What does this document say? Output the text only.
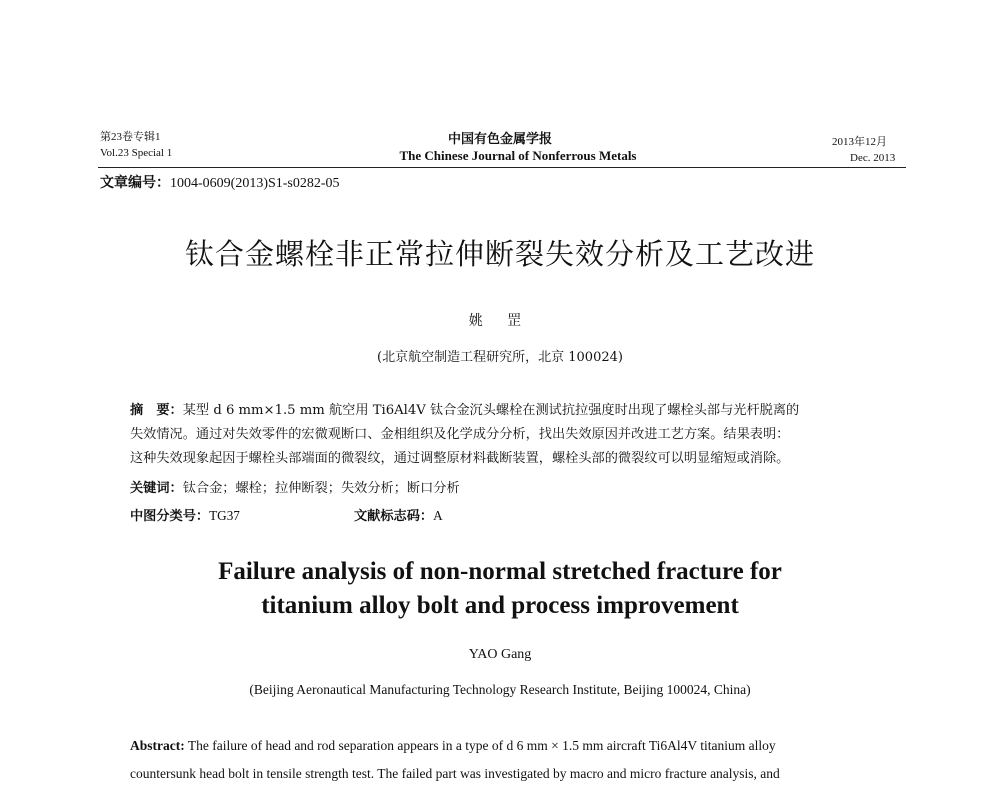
第23卷专辑1
Vol.23 Special 1
中国有色金属学报
The Chinese Journal of Nonferrous Metals
2013年12月
Dec. 2013
文章编号：1004-0609(2013)S1-s0282-05
钛合金螺栓非正常拉伸断裂失效分析及工艺改进
姚 罡
(北京航空制造工程研究所，北京 100024)
摘　要：某型 d 6 mm×1.5 mm 航空用 Ti6Al4V 钛合金沉头螺栓在测试抗拉强度时出现了螺栓头部与光杆脱离的
失效情况。通过对失效零件的宏微观断口、金相组织及化学成分分析，找出失效原因并改进工艺方案。结果表明：
这种失效现象起因于螺栓头部端面的微裂纹，通过调整原材料截断装置，螺栓头部的微裂纹可以明显缩短或消除。
关键词：钛合金；螺栓；拉伸断裂；失效分析；断口分析
中图分类号：TG37	文献标志码：A
Failure analysis of non-normal stretched fracture for
titanium alloy bolt and process improvement
YAO Gang
(Beijing Aeronautical Manufacturing Technology Research Institute, Beijing 100024, China)
Abstract: The failure of head and rod separation appears in a type of d 6 mm × 1.5 mm aircraft Ti6Al4V titanium alloy
countersunk head bolt in tensile strength test. The failed part was investigated by macro and micro fracture analysis, and
